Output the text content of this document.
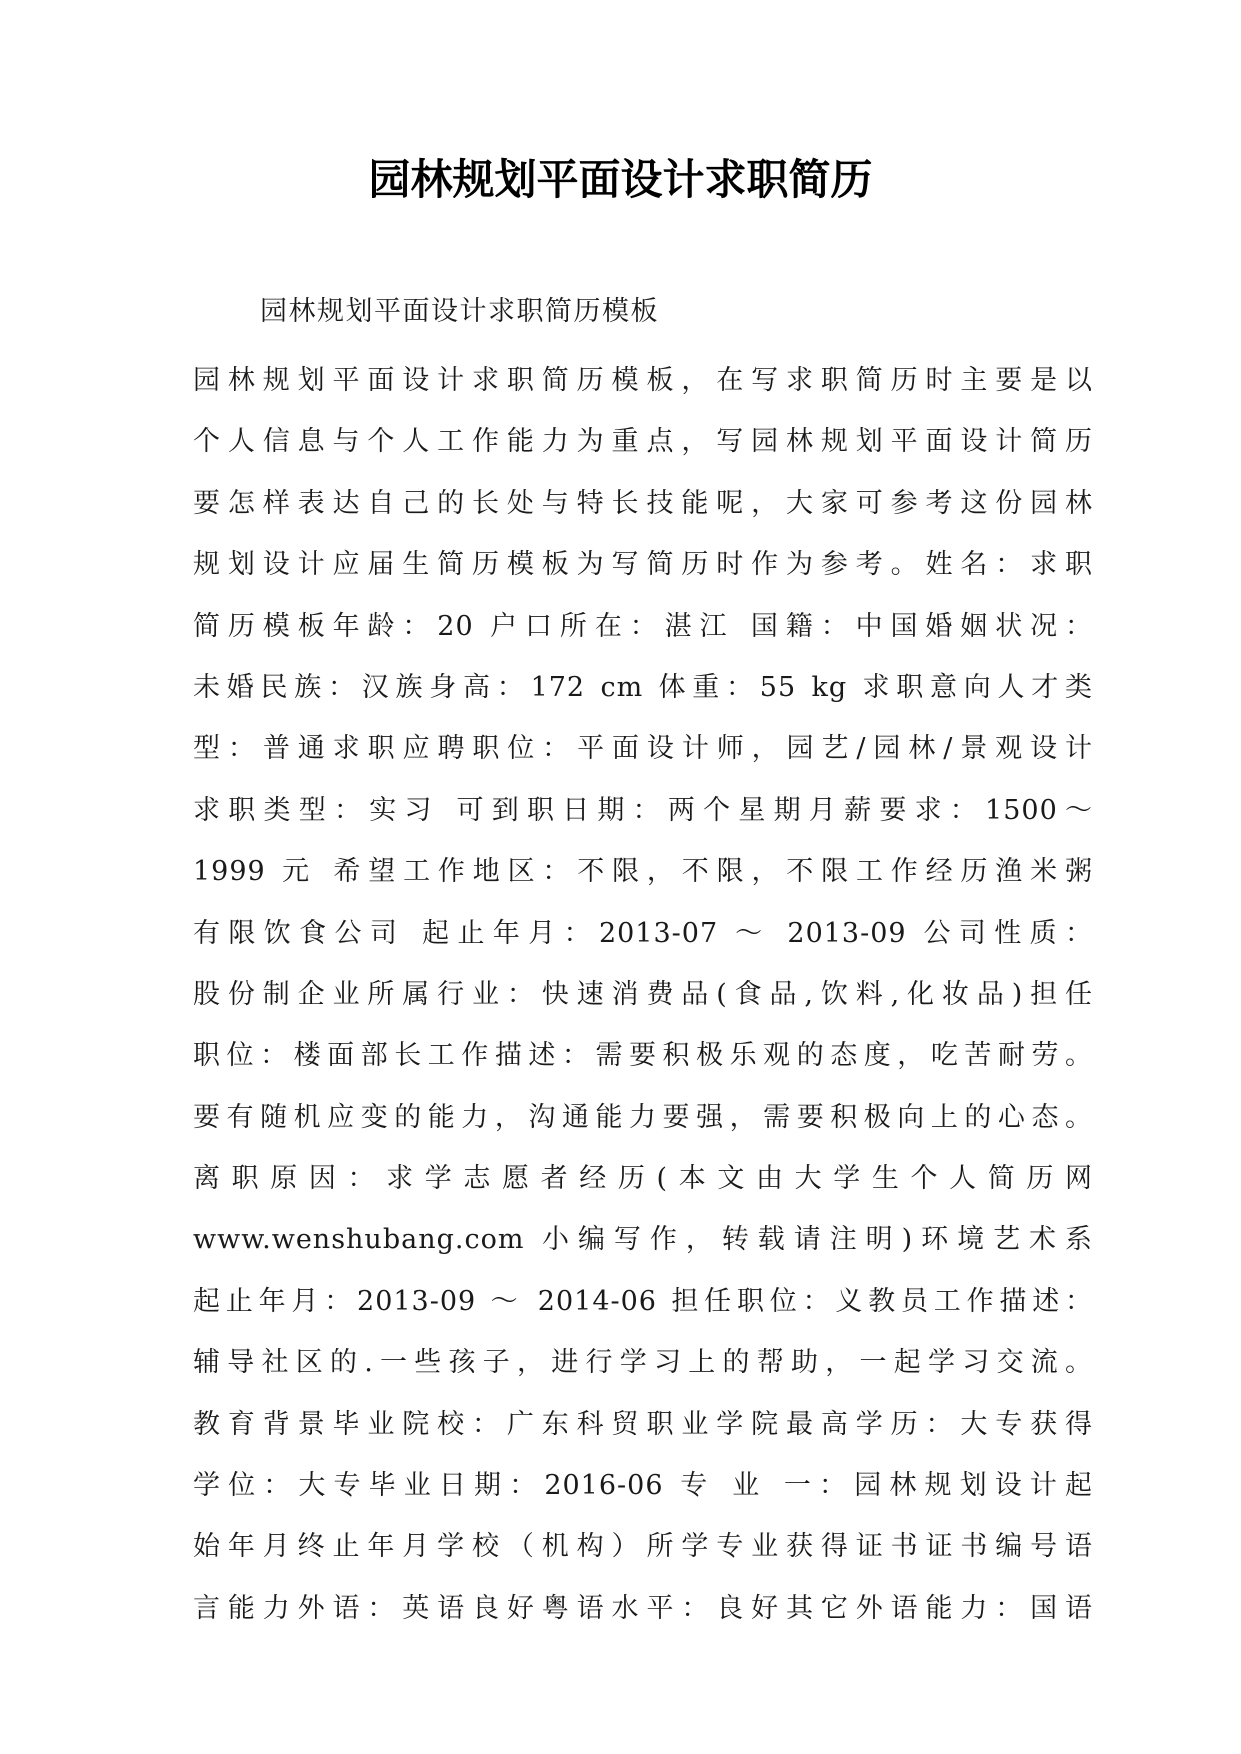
园林规划平面设计求职简历
园林规划平面设计求职简历模板
园林规划平面设计求职简历模板，在写求职简历时主要是以
个人信息与个人工作能力为重点，写园林规划平面设计简历
要怎样表达自己的长处与特长技能呢，大家可参考这份园林
规划设计应届生简历模板为写简历时作为参考。姓名：求职
简历模板年龄：20 户口所在：湛江 国籍：中国婚姻状况：
未婚民族：汉族身高：172 cm 体重：55 kg 求职意向人才类
型：普通求职应聘职位：平面设计师，园艺/园林/景观设计
求职类型：实习 可到职日期：两个星期月薪要求：1500～
1999 元 希望工作地区：不限，不限，不限工作经历渔米粥
有限饮食公司 起止年月：2013-07 ～ 2013-09 公司性质：
股份制企业所属行业：快速消费品(食品,饮料,化妆品)担任
职位：楼面部长工作描述：需要积极乐观的态度，吃苦耐劳。
要有随机应变的能力，沟通能力要强，需要积极向上的心态。
离职原因：求学志愿者经历(本文由大学生个人简历网
www.wenshubang.com 小编写作，转载请注明)环境艺术系
起止年月：2013-09 ～ 2014-06 担任职位：义教员工作描述：
辅导社区的.一些孩子，进行学习上的帮助，一起学习交流。
教育背景毕业院校：广东科贸职业学院最高学历：大专获得
学位：大专毕业日期：2016-06 专 业 一：园林规划设计起
始年月终止年月学校（机构）所学专业获得证书证书编号语
言能力外语：英语良好粤语水平：良好其它外语能力：国语
